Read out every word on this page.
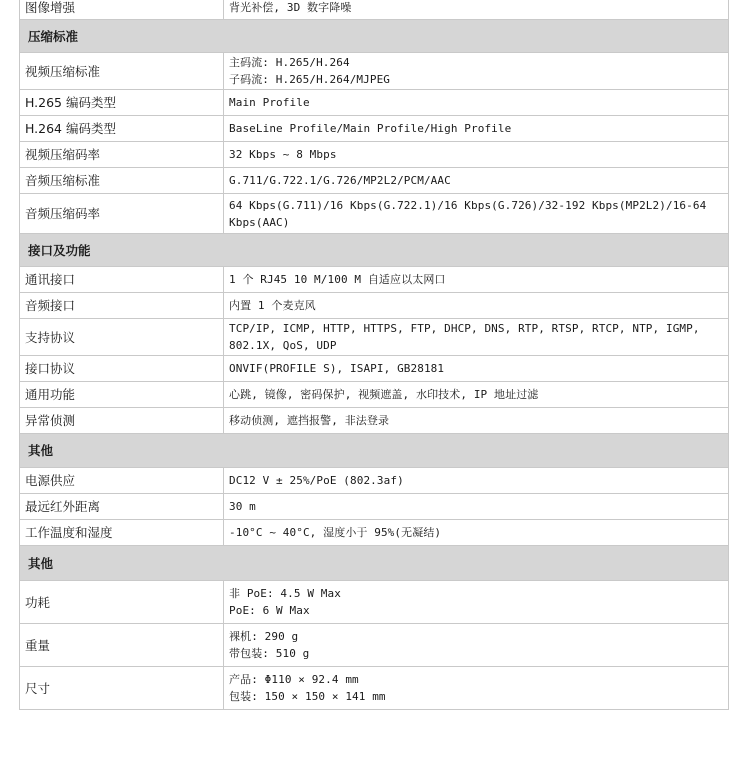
图像增强	背光补偿, 3D 数字降噪

压缩标准	
视频压缩标准	主码流: H.265/H.264
子码流: H.265/H.264/MJPEG

H.265 编码类型	Main Profile

H.264 编码类型	BaseLine Profile/Main Profile/High Profile

视频压缩码率	32 Kbps ~ 8 Mbps

音频压缩标准	G.711/G.722.1/G.726/MP2L2/PCM/AAC

音频压缩码率	64 Kbps(G.711)/16 Kbps(G.722.1)/16 Kbps(G.726)/32-192 Kbps(MP2L2)/16-64
Kbps(AAC)

接口及功能	
通讯接口	1 个 RJ45 10 M/100 M 自适应以太网口

音频接口	内置 1 个麦克风

支持协议	TCP/IP, ICMP, HTTP, HTTPS, FTP, DHCP, DNS, RTP, RTSP, RTCP, NTP, IGMP,
802.1X, QoS, UDP

接口协议	ONVIF(PROFILE S), ISAPI, GB28181

通用功能	心跳, 镜像, 密码保护, 视频遮盖, 水印技术, IP 地址过滤

异常侦测	移动侦测, 遮挡报警, 非法登录

其他	
电源供应	DC12 V ± 25%/PoE (802.3af)

最远红外距离	30 m

工作温度和湿度	-10°C ~ 40°C, 湿度小于 95%(无凝结)

其他	
功耗	非 PoE: 4.5 W Max
PoE: 6 W Max

重量	裸机: 290 g
带包装: 510 g

尺寸	产品: Φ110 × 92.4 mm
包装: 150 × 150 × 141 mm
